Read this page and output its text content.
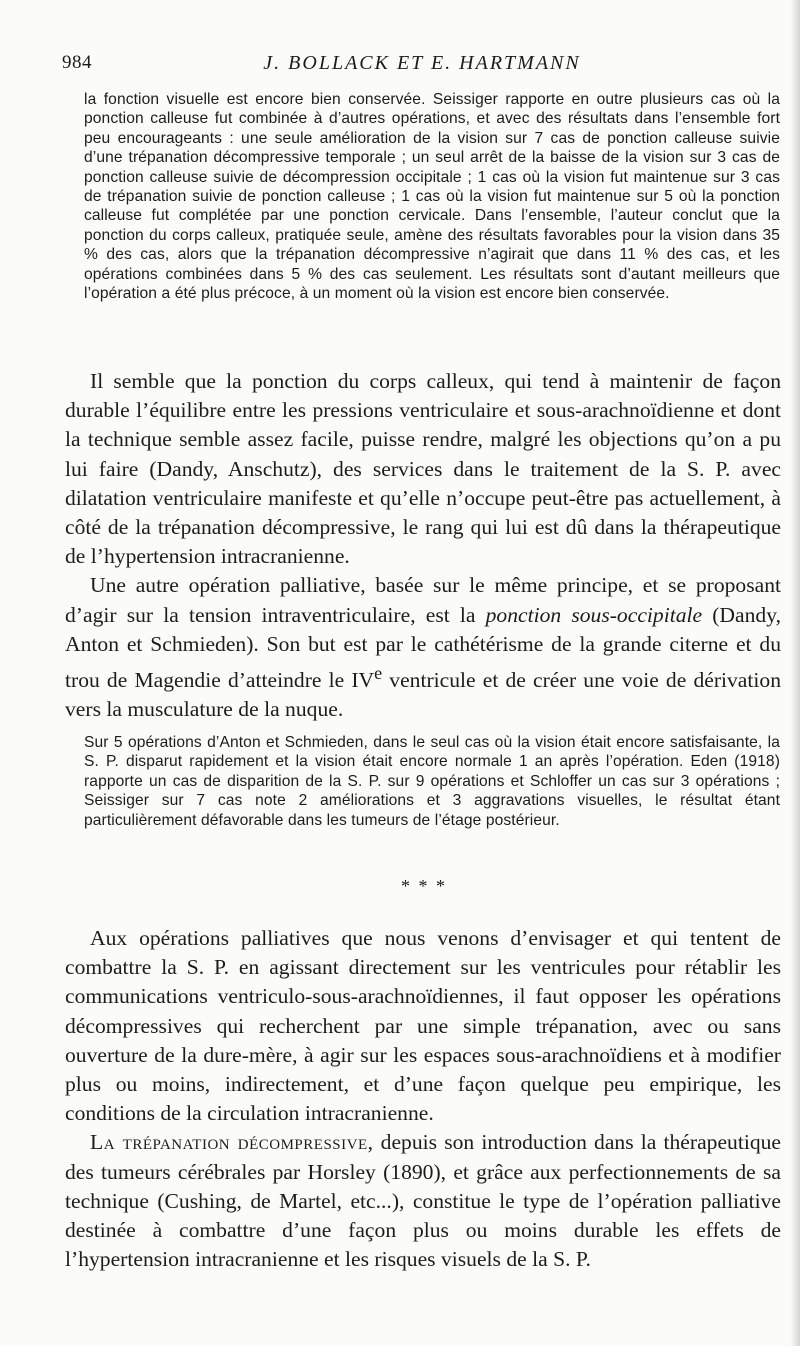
984	J. BOLLACK ET E. HARTMANN

la fonction visuelle est encore bien conservée. Seissiger rapporte en outre plusieurs cas où la ponction calleuse fut combinée à d’autres opérations, et avec des résultats dans l’ensemble fort peu encourageants : une seule amélioration de la vision sur 7 cas de ponction calleuse suivie d’une trépanation décompressive temporale ; un seul arrêt de la baisse de la vision sur 3 cas de ponction calleuse suivie de décompression occipitale ; 1 cas où la vision fut maintenue sur 3 cas de trépanation suivie de ponction calleuse ; 1 cas où la vision fut maintenue sur 5 où la ponction calleuse fut complétée par une ponction cervicale. Dans l’ensemble, l’auteur conclut que la ponction du corps calleux, pratiquée seule, amène des résultats favorables pour la vision dans 35 % des cas, alors que la trépanation décompressive n’agirait que dans 11 % des cas, et les opérations combinées dans 5 % des cas seulement. Les résultats sont d’autant meilleurs que l’opération a été plus précoce, à un moment où la vision est encore bien conservée.

Il semble que la ponction du corps calleux, qui tend à maintenir de façon durable l’équilibre entre les pressions ventriculaire et sous-arachnoïdienne et dont la technique semble assez facile, puisse rendre, malgré les objections qu’on a pu lui faire (Dandy, Anschutz), des services dans le traitement de la S. P. avec dilatation ventriculaire manifeste et qu’elle n’occupe peut-être pas actuellement, à côté de la trépanation décompressive, le rang qui lui est dû dans la thérapeutique de l’hypertension intracranienne.

Une autre opération palliative, basée sur le même principe, et se proposant d’agir sur la tension intraventriculaire, est la ponction sous-occipitale (Dandy, Anton et Schmieden). Son but est par le cathétérisme de la grande citerne et du trou de Magendie d’atteindre le IVe ventricule et de créer une voie de dérivation vers la musculature de la nuque.

Sur 5 opérations d’Anton et Schmieden, dans le seul cas où la vision était encore satisfaisante, la S. P. disparut rapidement et la vision était encore normale 1 an après l’opération. Eden (1918) rapporte un cas de disparition de la S. P. sur 9 opérations et Schloffer un cas sur 3 opérations ; Seissiger sur 7 cas note 2 améliorations et 3 aggravations visuelles, le résultat étant particulièrement défavorable dans les tumeurs de l’étage postérieur.

* * *

Aux opérations palliatives que nous venons d’envisager et qui tentent de combattre la S. P. en agissant directement sur les ventricules pour rétablir les communications ventriculo-sous-arachnoïdiennes, il faut opposer les opérations décompressives qui recherchent par une simple trépanation, avec ou sans ouverture de la dure-mère, à agir sur les espaces sous-arachnoïdiens et à modifier plus ou moins, indirectement, et d’une façon quelque peu empirique, les conditions de la circulation intracranienne.

La trépanation décompressive, depuis son introduction dans la thérapeutique des tumeurs cérébrales par Horsley (1890), et grâce aux perfectionnements de sa technique (Cushing, de Martel, etc...), constitue le type de l’opération palliative destinée à combattre d’une façon plus ou moins durable les effets de l’hypertension intracranienne et les risques visuels de la S. P.
